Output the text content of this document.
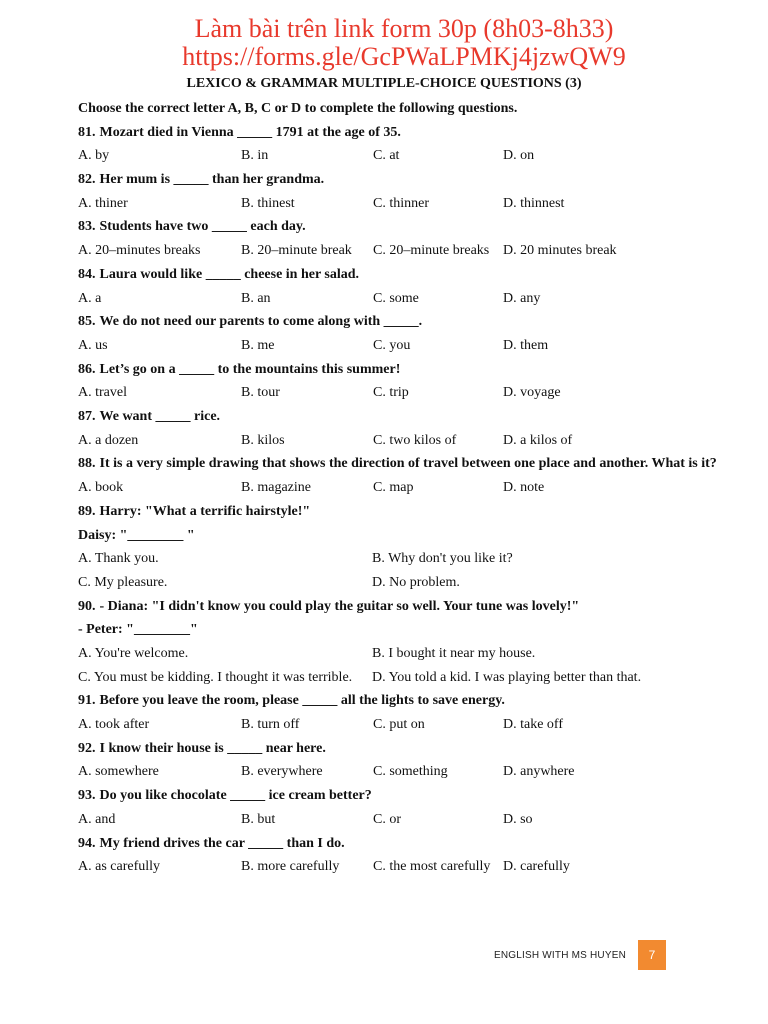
Làm bài trên link form 30p (8h03-8h33)
https://forms.gle/GcPWaLPMKj4jzwQW9
LEXICO & GRAMMAR MULTIPLE-CHOICE QUESTIONS (3)
Choose the correct letter A, B, C or D to complete the following questions.
81. Mozart died in Vienna _____ 1791 at the age of 35.
A. by	B. in	C. at	D. on
82. Her mum is _____ than her grandma.
A. thiner	B. thinest	C. thinner	D. thinnest
83. Students have two _____ each day.
A. 20–minutes breaks	B. 20–minute break C. 20–minute breaks D. 20 minutes break
84. Laura would like _____ cheese in her salad.
A. a	B. an	C. some	D. any
85. We do not need our parents to come along with _____.
A. us	B. me	C. you	D. them
86. Let’s go on a _____ to the mountains this summer!
A. travel	B. tour	C. trip	D. voyage
87. We want _____ rice.
A. a dozen	B. kilos	C. two kilos of	D. a kilos of
88. It is a very simple drawing that shows the direction of travel between one place and another. What is it?
A. book	B. magazine	C. map	D. note
89. Harry: "What a terrific hairstyle!"
Daisy: "________ "
A. Thank you.	B. Why don't you like it?
C. My pleasure.	D. No problem.
90. - Diana: "I didn't know you could play the guitar so well. Your tune was lovely!"
- Peter: "________"
A. You're welcome.	B. I bought it near my house.
C. You must be kidding. I thought it was terrible. D. You told a kid. I was playing better than that.
91. Before you leave the room, please _____ all the lights to save energy.
A. took after	B. turn off	C. put on	D. take off
92. I know their house is _____ near here.
A. somewhere	B. everywhere	C. something	D. anywhere
93. Do you like chocolate _____ ice cream better?
A. and	B. but	C. or	D. so
94. My friend drives the car _____ than I do.
A. as carefully	B. more carefully C. the most carefully D. carefully
ENGLISH WITH MS HUYEN	7
